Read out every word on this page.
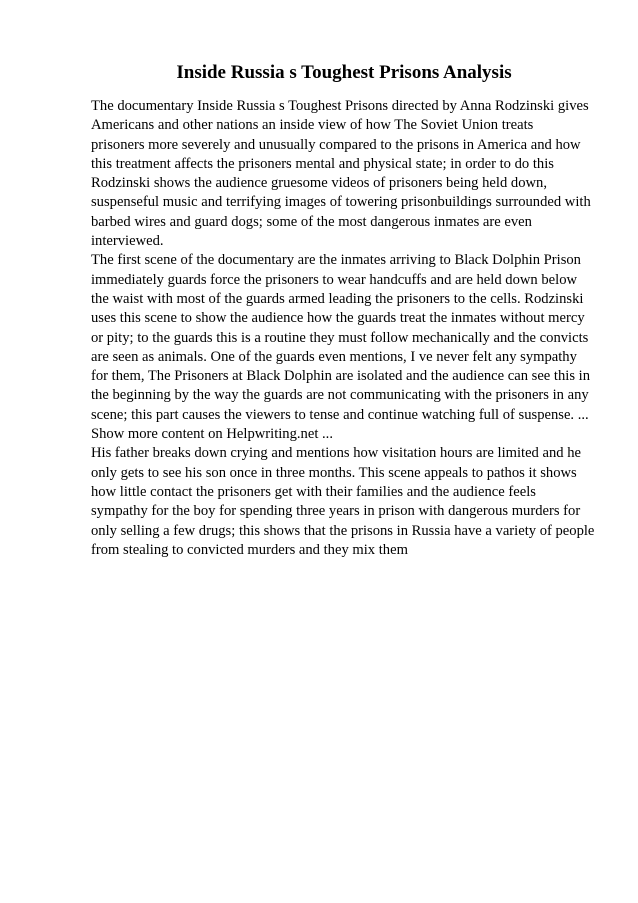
Inside Russia s Toughest Prisons Analysis
The documentary Inside Russia s Toughest Prisons directed by Anna Rodzinski gives
Americans and other nations an inside view of how The Soviet Union treats
prisoners more severely and unusually compared to the prisons in America and how
this treatment affects the prisoners mental and physical state; in order to do this
Rodzinski shows the audience gruesome videos of prisoners being held down,
suspenseful music and terrifying images of towering prisonbuildings surrounded with
barbed wires and guard dogs; some of the most dangerous inmates are even
interviewed.
The first scene of the documentary are the inmates arriving to Black Dolphin Prison
immediately guards force the prisoners to wear handcuffs and are held down below
the waist with most of the guards armed leading the prisoners to the cells. Rodzinski
uses this scene to show the audience how the guards treat the inmates without mercy
or pity; to the guards this is a routine they must follow mechanically and the convicts
are seen as animals. One of the guards even mentions, I ve never felt any sympathy
for them, The Prisoners at Black Dolphin are isolated and the audience can see this in
the beginning by the way the guards are not communicating with the prisoners in any
scene; this part causes the viewers to tense and continue watching full of suspense. ...
Show more content on Helpwriting.net ...
His father breaks down crying and mentions how visitation hours are limited and he
only gets to see his son once in three months. This scene appeals to pathos it shows
how little contact the prisoners get with their families and the audience feels
sympathy for the boy for spending three years in prison with dangerous murders for
only selling a few drugs; this shows that the prisons in Russia have a variety of people
from stealing to convicted murders and they mix them
